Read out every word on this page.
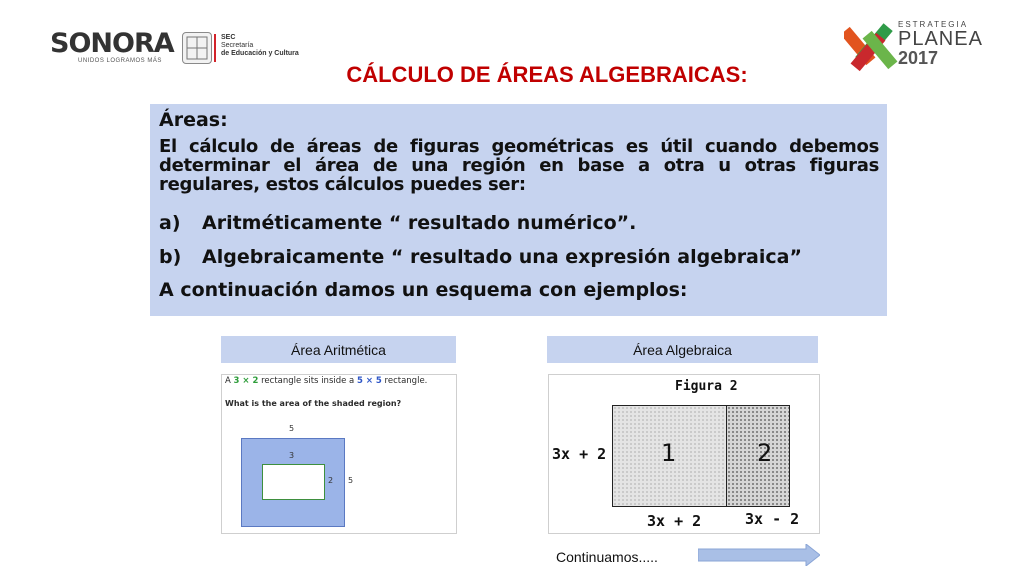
SONORA
UNIDOS LOGRAMOS MÁS
SEC
Secretaría
de Educación y Cultura
ESTRATEGIA
PLANEA
2017
CÁLCULO DE ÁREAS ALGEBRAICAS:

Áreas:

El cálculo de áreas de figuras geométricas es útil cuando debemos determinar el área de una región en base a otra u otras figuras regulares, estos cálculos puedes ser:

a) Aritméticamente “ resultado numérico”.

b) Algebraicamente “ resultado una expresión algebraica”

A continuación damos un esquema con ejemplos:

Área Aritmética	Área Algebraica
A 3 × 2 rectangle sits inside a 5 × 5 rectangle.
What is the area of the shaded region?
5
3
2 5
Figura 2
1	2
3x + 2
3x + 2	3x - 2
Continuamos.....
